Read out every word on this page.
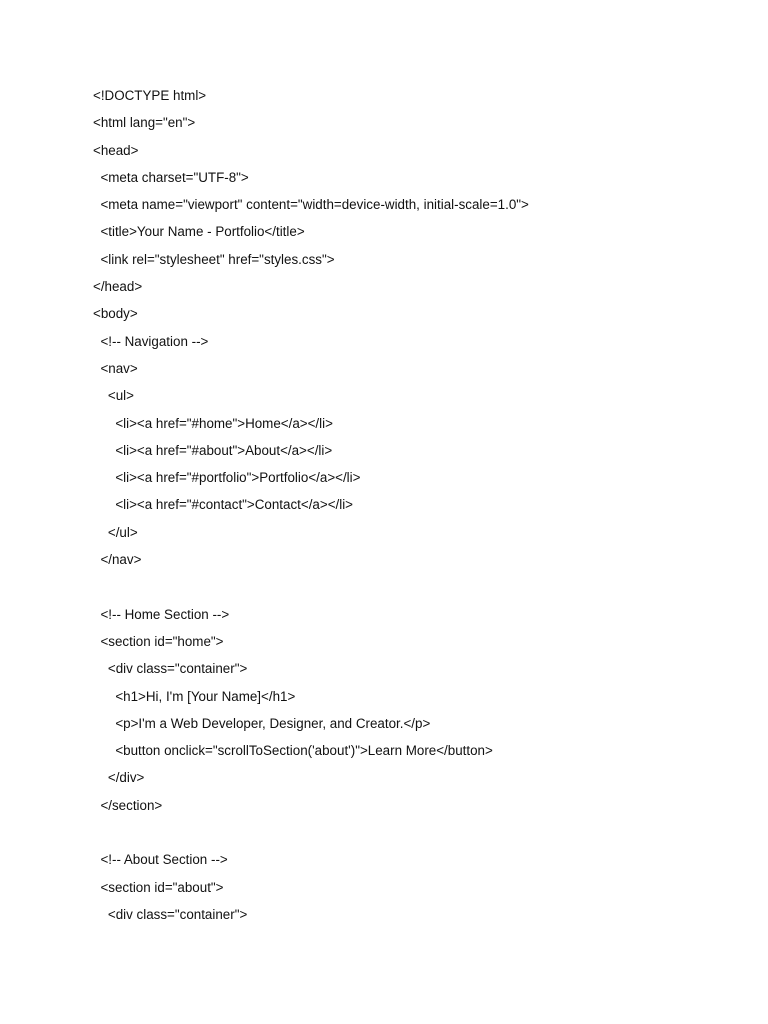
<!DOCTYPE html>
<html lang="en">
<head>
<meta charset="UTF-8">
<meta name="viewport" content="width=device-width, initial-scale=1.0">
<title>Your Name - Portfolio</title>
<link rel="stylesheet" href="styles.css">
</head>
<body>
<!-- Navigation -->
<nav>
<ul>
<li><a href="#home">Home</a></li>
<li><a href="#about">About</a></li>
<li><a href="#portfolio">Portfolio</a></li>
<li><a href="#contact">Contact</a></li>
</ul>
</nav>
<!-- Home Section -->
<section id="home">
<div class="container">
<h1>Hi, I'm [Your Name]</h1>
<p>I'm a Web Developer, Designer, and Creator.</p>
<button onclick="scrollToSection('about')">Learn More</button>
</div>
</section>
<!-- About Section -->
<section id="about">
<div class="container">
